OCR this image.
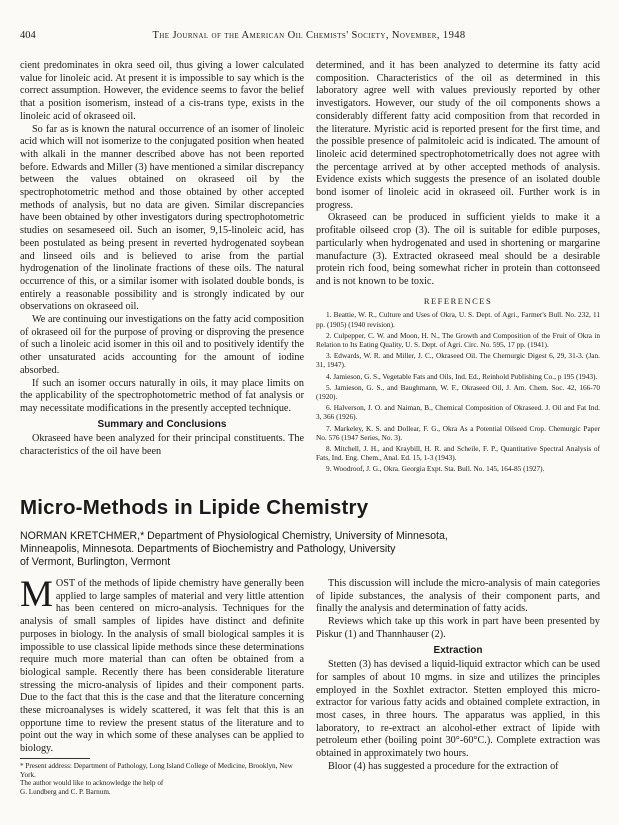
404	The Journal of the American Oil Chemists' Society, November, 1948

cient predominates in okra seed oil, thus giving a lower calculated value for linoleic acid. At present it is impossible to say which is the correct assumption. However, the evidence seems to favor the belief that a position isomerism, instead of a cis-trans type, exists in the linoleic acid of okraseed oil.

So far as is known the natural occurrence of an isomer of linoleic acid which will not isomerize to the conjugated position when heated with alkali in the manner described above has not been reported before. Edwards and Miller (3) have mentioned a similar discrepancy between the values obtained on okraseed oil by the spectrophotometric method and those obtained by other accepted methods of analysis, but no data are given. Similar discrepancies have been obtained by other investigators during spectrophotometric studies on sesameseed oil. Such an isomer, 9,15-linoleic acid, has been postulated as being present in reverted hydrogenated soybean and linseed oils and is believed to arise from the partial hydrogenation of the linolinate fractions of these oils. The natural occurrence of this, or a similar isomer with isolated double bonds, is entirely a reasonable possibility and is strongly indicated by our observations on okraseed oil.

We are continuing our investigations on the fatty acid composition of okraseed oil for the purpose of proving or disproving the presence of such a linoleic acid isomer in this oil and to positively identify the other unsaturated acids accounting for the amount of iodine absorbed.

If such an isomer occurs naturally in oils, it may place limits on the applicability of the spectrophotometric method of fat analysis or may necessitate modifications in the presently accepted technique.

Summary and Conclusions

Okraseed have been analyzed for their principal constituents. The characteristics of the oil have been

determined, and it has been analyzed to determine its fatty acid composition. Characteristics of the oil as determined in this laboratory agree well with values previously reported by other investigators. However, our study of the oil components shows a considerably different fatty acid composition from that recorded in the literature. Myristic acid is reported present for the first time, and the possible presence of palmitoleic acid is indicated. The amount of linoleic acid determined spectrophotometrically does not agree with the percentage arrived at by other accepted methods of analysis. Evidence exists which suggests the presence of an isolated double bond isomer of linoleic acid in okraseed oil. Further work is in progress.

Okraseed can be produced in sufficient yields to make it a profitable oilseed crop (3). The oil is suitable for edible purposes, particularly when hydrogenated and used in shortening or margarine manufacture (3). Extracted okraseed meal should be a desirable protein rich food, being somewhat richer in protein than cottonseed and is not known to be toxic.

REFERENCES
1. Beattie, W. R., Culture and Uses of Okra, U. S. Dept. of Agri., Farmer's Bull. No. 232, 11 pp. (1905) (1940 revision).
2. Culpepper, C. W. and Moon, H. N., The Growth and Composition of the Fruit of Okra in Relation to Its Eating Quality, U. S. Dept. of Agri. Circ. No. 595, 17 pp. (1941).
3. Edwards, W. R. and Miller, J. C., Okraseed Oil. The Chemurgic Digest 6, 29, 31-3. (Jan. 31, 1947).
4. Jamieson, G. S., Vegetable Fats and Oils, Ind. Ed., Reinhold Publishing Co., p 195 (1943).
5. Jamieson, G. S., and Baughmann, W. F., Okraseed Oil, J. Am. Chem. Soc. 42, 166-70 (1920).
6. Halverson, J. O. and Naiman, B., Chemical Composition of Okraseed. J. Oil and Fat Ind. 3, 366 (1926).
7. Markeley, K. S. and Dollear, F. G., Okra As a Potential Oilseed Crop. Chemurgic Paper No. 576 (1947 Series, No. 3).
8. Mitchell, J. H., and Kraybill, H. R. and Scheile, F. P., Quantitative Spectral Analysis of Fats, Ind. Eng. Chem., Anal. Ed. 15, 1-3 (1943).
9. Woodroof, J. G., Okra. Georgia Expt. Sta. Bull. No. 145, 164-85 (1927).
Micro-Methods in Lipide Chemistry
NORMAN KRETCHMER,* Department of Physiological Chemistry, University of Minnesota,
Minneapolis, Minnesota. Departments of Biochemistry and Pathology, University
of Vermont, Burlington, Vermont

MOST of the methods of lipide chemistry have generally been applied to large samples of material and very little attention has been centered on micro-analysis. Techniques for the analysis of small samples of lipides have distinct and definite purposes in biology. In the analysis of small biological samples it is impossible to use classical lipide methods since these determinations require much more material than can often be obtained from a biological sample. Recently there has been considerable literature stressing the micro-analysis of lipides and their component parts. Due to the fact that this is the case and that the literature concerning these microanalyses is widely scattered, it was felt that this is an opportune time to review the present status of the literature and to point out the way in which some of these analyses can be applied to biology.

* Present address: Department of Pathology, Long Island College of Medicine, Brooklyn, New York.
The author would like to acknowledge the help of
G. Lundberg and C. P. Barnum.

This discussion will include the micro-analysis of main categories of lipide substances, the analysis of their component parts, and finally the analysis and determination of fatty acids.

Reviews which take up this work in part have been presented by Piskur (1) and Thannhauser (2).

Extraction

Stetten (3) has devised a liquid-liquid extractor which can be used for samples of about 10 mgms. in size and utilizes the principles employed in the Soxhlet extractor. Stetten employed this micro-extractor for various fatty acids and obtained complete extraction, in most cases, in three hours. The apparatus was applied, in this laboratory, to re-extract an alcohol-ether extract of lipide with petroleum ether (boiling point 30°-60°C.). Complete extraction was obtained in approximately two hours.

Bloor (4) has suggested a procedure for the extraction of
